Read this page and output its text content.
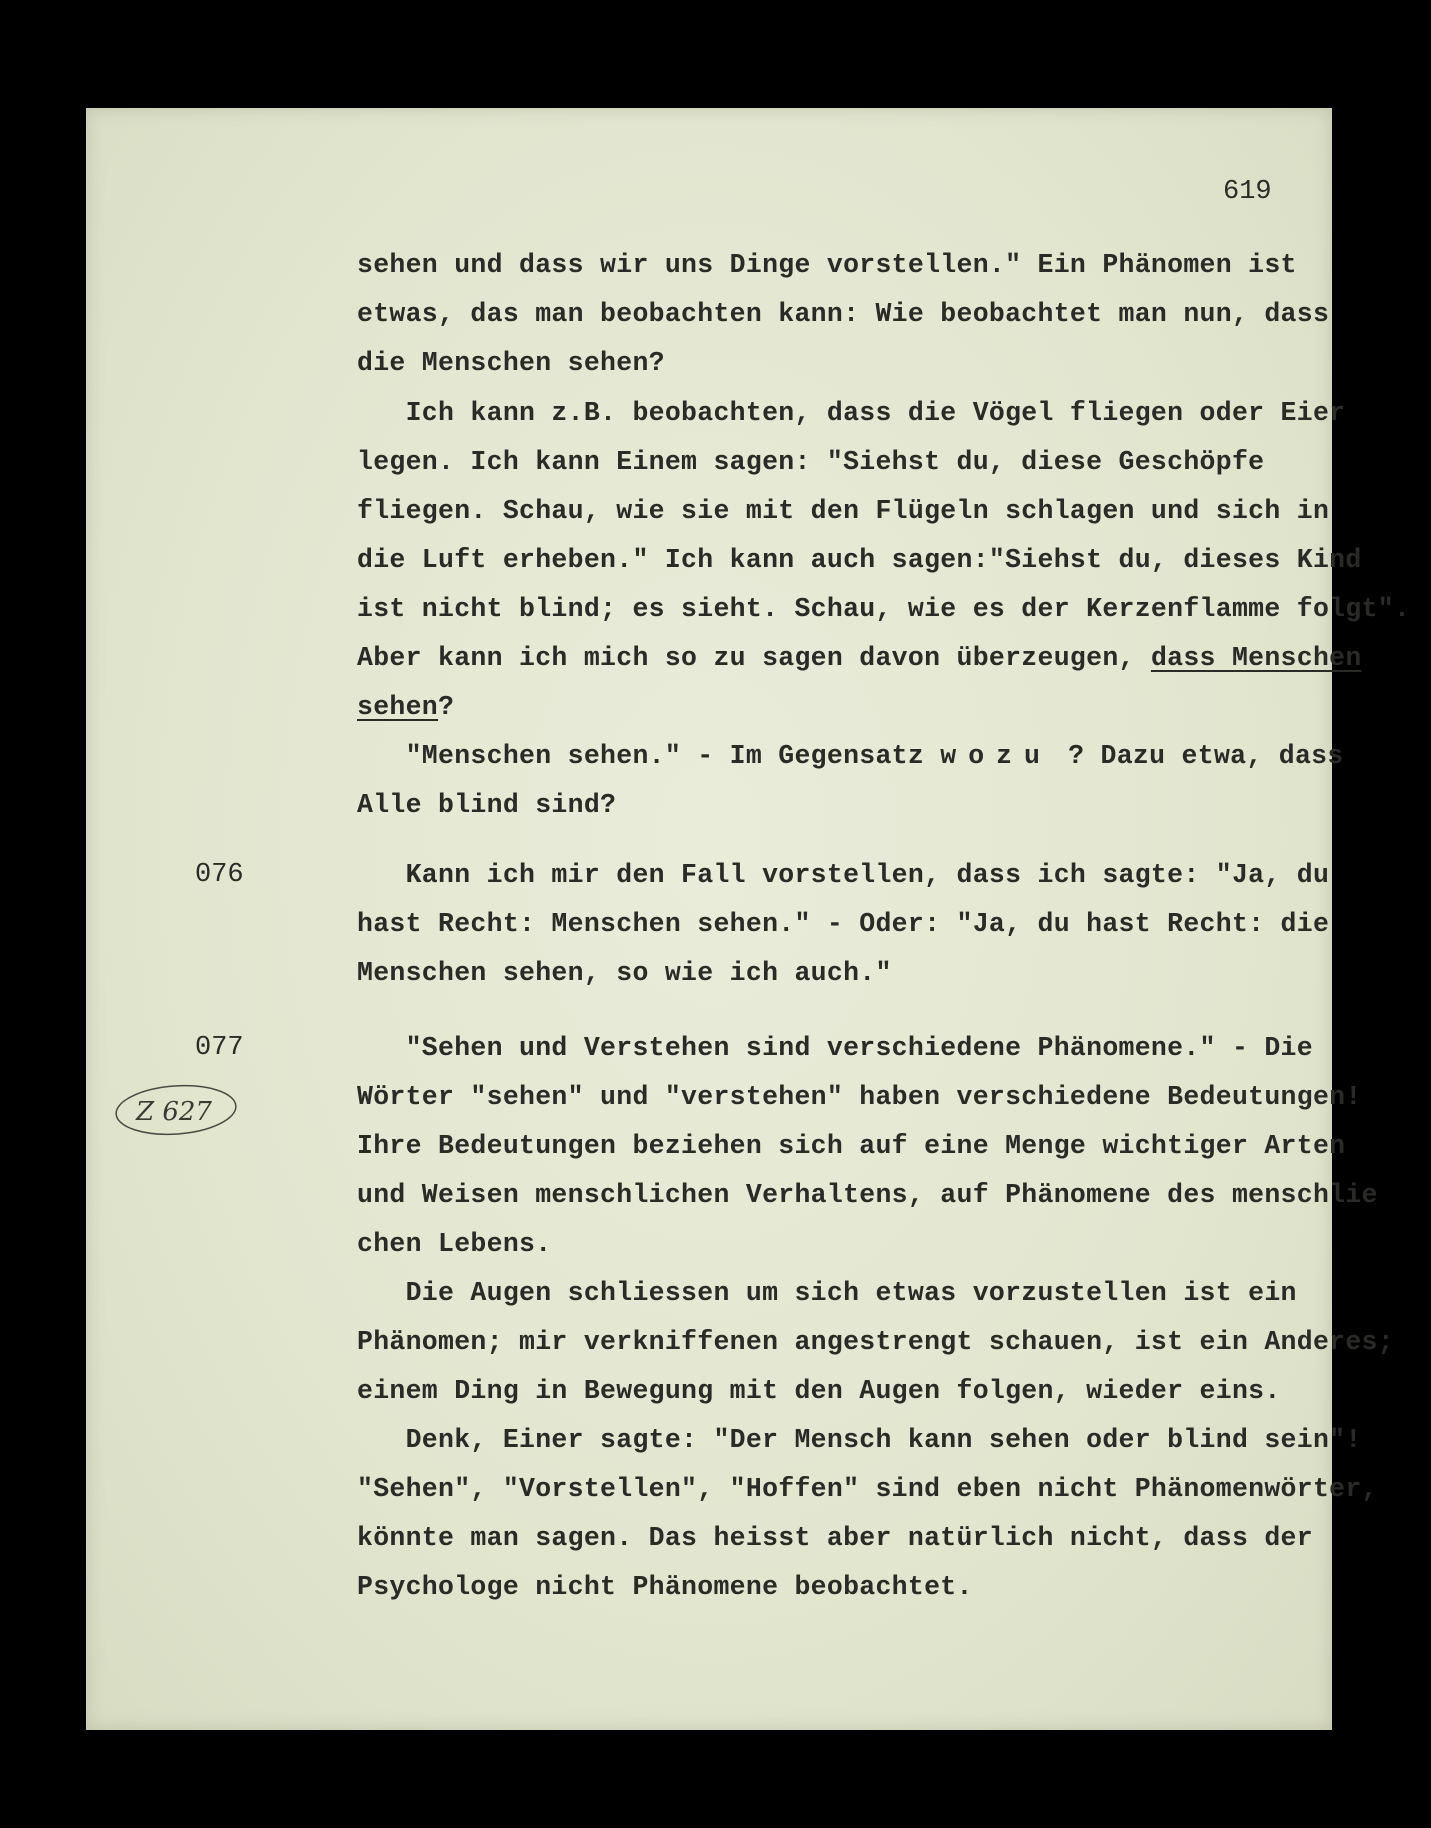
619
076
077
Z 627
sehen und dass wir uns Dinge vorstellen." Ein Phänomen ist
etwas, das man beobachten kann: Wie beobachtet man nun, dass
die Menschen sehen?
Ich kann z.B. beobachten, dass die Vögel fliegen oder Eier
legen. Ich kann Einem sagen: "Siehst du, diese Geschöpfe
fliegen. Schau, wie sie mit den Flügeln schlagen und sich in
die Luft erheben." Ich kann auch sagen:"Siehst du, dieses Kind
ist nicht blind; es sieht. Schau, wie es der Kerzenflamme folgt".
Aber kann ich mich so zu sagen davon überzeugen, dass Menschen
sehen?
"Menschen sehen." - Im Gegensatz wozu ? Dazu etwa, dass
Alle blind sind?
Kann ich mir den Fall vorstellen, dass ich sagte: "Ja, du
hast Recht: Menschen sehen." - Oder: "Ja, du hast Recht: die
Menschen sehen, so wie ich auch."
"Sehen und Verstehen sind verschiedene Phänomene." - Die
Wörter "sehen" und "verstehen" haben verschiedene Bedeutungen!
Ihre Bedeutungen beziehen sich auf eine Menge wichtiger Arten
und Weisen menschlichen Verhaltens, auf Phänomene des menschlie
chen Lebens.
Die Augen schliessen um sich etwas vorzustellen ist ein
Phänomen; mir verkniffenen angestrengt schauen, ist ein Anderes;
einem Ding in Bewegung mit den Augen folgen, wieder eins.
Denk, Einer sagte: "Der Mensch kann sehen oder blind sein"!
"Sehen", "Vorstellen", "Hoffen" sind eben nicht Phänomenwörter,
könnte man sagen. Das heisst aber natürlich nicht, dass der
Psychologe nicht Phänomene beobachtet.
